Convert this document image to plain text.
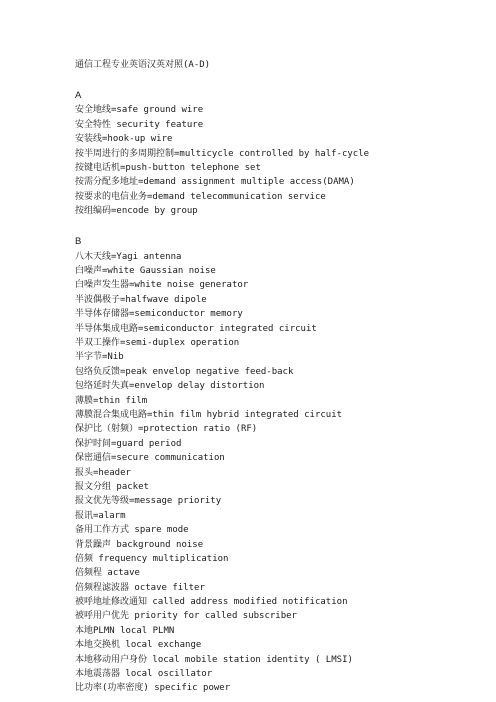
通信工程专业英语汉英对照(A-D)
A
安全地线=safe ground wire
安全特性 security feature
安装线=hook-up wire
按半周进行的多周期控制=multicycle controlled by half-cycle
按键电话机=push-button telephone set
按需分配多地址=demand assignment multiple access(DAMA)
按要求的电信业务=demand telecommunication service
按组编码=encode by group
B
八木天线=Yagi antenna
白噪声=white Gaussian noise
白噪声发生器=white noise generator
半波偶极子=halfwave dipole
半导体存储器=semiconductor memory
半导体集成电路=semiconductor integrated circuit
半双工操作=semi-duplex operation
半字节=Nib
包络负反馈=peak envelop negative feed-back
包络延时失真=envelop delay distortion
薄膜=thin film
薄膜混合集成电路=thin film hybrid integrated circuit
保护比（射频）=protection ratio (RF)
保护时间=guard period
保密通信=secure communication
报头=header
报文分组 packet
报文优先等级=message priority
报讯=alarm
备用工作方式 spare mode
背景躁声 background noise
倍频 frequency multiplication
倍频程 actave
倍频程滤波器 octave filter
被呼地址修改通知 called address modified notification
被呼用户优先 priority for called subscriber
本地PLMN local PLMN
本地交换机 local exchange
本地移动用户身份 local mobile station identity ( LMSI)
本地震荡器 local oscillator
比功率(功率密度) specific power
